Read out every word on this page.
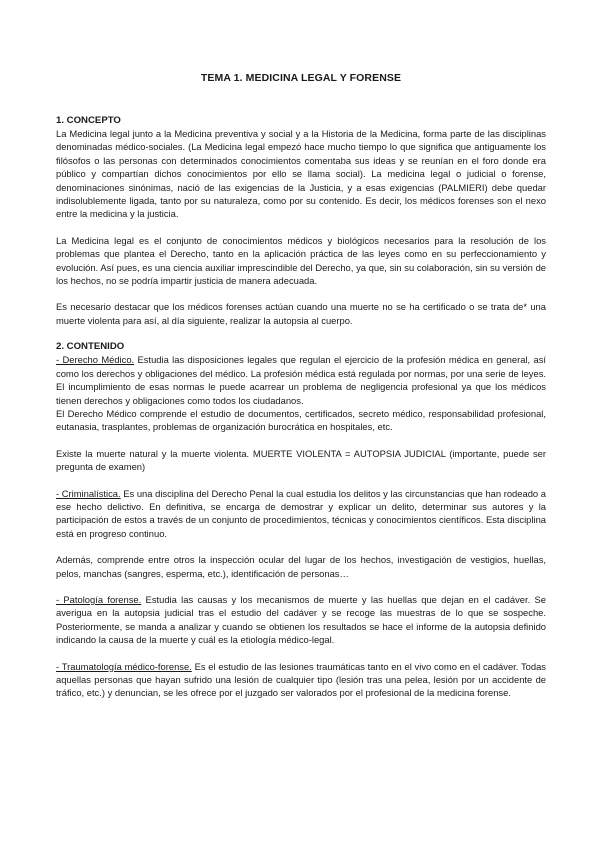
TEMA 1. MEDICINA LEGAL Y FORENSE
1. CONCEPTO

La Medicina legal junto a la Medicina preventiva y social y a la Historia de la Medicina, forma parte de las disciplinas denominadas médico-sociales. (La Medicina legal empezó hace mucho tiempo lo que significa que antiguamente los filósofos o las personas con determinados conocimientos comentaba sus ideas y se reunían en el foro donde era público y compartían dichos conocimientos por ello se llama social). La medicina legal o judicial o forense, denominaciones sinónimas, nació de las exigencias de la Justicia, y a esas exigencias (PALMIERI) debe quedar indisolublemente ligada, tanto por su naturaleza, como por su contenido. Es decir, los médicos forenses son el nexo entre la medicina y la justicia.

La Medicina legal es el conjunto de conocimientos médicos y biológicos necesarios para la resolución de los problemas que plantea el Derecho, tanto en la aplicación práctica de las leyes como en su perfeccionamiento y evolución. Así pues, es una ciencia auxiliar imprescindible del Derecho, ya que, sin su colaboración, sin su versión de los hechos, no se podría impartir justicia de manera adecuada.

Es necesario destacar que los médicos forenses actúan cuando una muerte no se ha certificado o se trata de* una muerte violenta para así, al día siguiente, realizar la autopsia al cuerpo.

2. CONTENIDO

- Derecho Médico. Estudia las disposiciones legales que regulan el ejercicio de la profesión médica en general, así como los derechos y obligaciones del médico. La profesión médica está regulada por normas, por una serie de leyes. El incumplimiento de esas normas le puede acarrear un problema de negligencia profesional ya que los médicos tienen derechos y obligaciones como todos los ciudadanos.

El Derecho Médico comprende el estudio de documentos, certificados, secreto médico, responsabilidad profesional, eutanasia, trasplantes, problemas de organización burocrática en hospitales, etc.

Existe la muerte natural y la muerte violenta. MUERTE VIOLENTA = AUTOPSIA JUDICIAL (importante, puede ser pregunta de examen)

- Criminalística. Es una disciplina del Derecho Penal la cual estudia los delitos y las circunstancias que han rodeado a ese hecho delictivo. En definitiva, se encarga de demostrar y explicar un delito, determinar sus autores y la participación de estos a través de un conjunto de procedimientos, técnicas y conocimientos científicos. Esta disciplina está en progreso continuo.

Además, comprende entre otros la inspección ocular del lugar de los hechos, investigación de vestigios, huellas, pelos, manchas (sangres, esperma, etc.), identificación de personas…

- Patología forense. Estudia las causas y los mecanismos de muerte y las huellas que dejan en el cadáver. Se averigua en la autopsia judicial tras el estudio del cadáver y se recoge las muestras de lo que se sospeche. Posteriormente, se manda a analizar y cuando se obtienen los resultados se hace el informe de la autopsia definido indicando la causa de la muerte y cuál es la etiología médico-legal.

- Traumatología médico-forense. Es el estudio de las lesiones traumáticas tanto en el vivo como en el cadáver. Todas aquellas personas que hayan sufrido una lesión de cualquier tipo (lesión tras una pelea, lesión por un accidente de tráfico, etc.) y denuncian, se les ofrece por el juzgado ser valorados por el profesional de la medicina forense.
